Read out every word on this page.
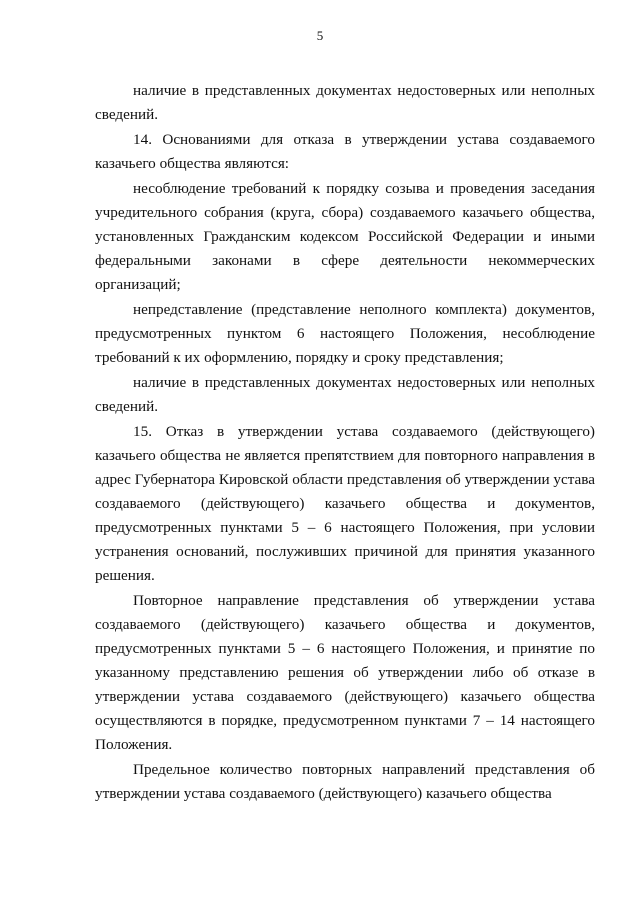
5

наличие в представленных документах недостоверных или неполных сведений.

14. Основаниями для отказа в утверждении устава создаваемого казачьего общества являются:

несоблюдение требований к порядку созыва и проведения заседания учредительного собрания (круга, сбора) создаваемого казачьего общества, установленных Гражданским кодексом Российской Федерации и иными федеральными законами в сфере деятельности некоммерческих организаций;

непредставление (представление неполного комплекта) документов, предусмотренных пунктом 6 настоящего Положения, несоблюдение требований к их оформлению, порядку и сроку представления;

наличие в представленных документах недостоверных или неполных сведений.

15. Отказ в утверждении устава создаваемого (действующего) казачьего общества не является препятствием для повторного направления в адрес Губернатора Кировской области представления об утверждении устава создаваемого (действующего) казачьего общества и документов, предусмотренных пунктами 5 – 6 настоящего Положения, при условии устранения оснований, послуживших причиной для принятия указанного решения.

Повторное направление представления об утверждении устава создаваемого (действующего) казачьего общества и документов, предусмотренных пунктами 5 – 6 настоящего Положения, и принятие по указанному представлению решения об утверждении либо об отказе в утверждении устава создаваемого (действующего) казачьего общества осуществляются в порядке, предусмотренном пунктами 7 – 14 настоящего Положения.

Предельное количество повторных направлений представления об утверждении устава создаваемого (действующего) казачьего общества
